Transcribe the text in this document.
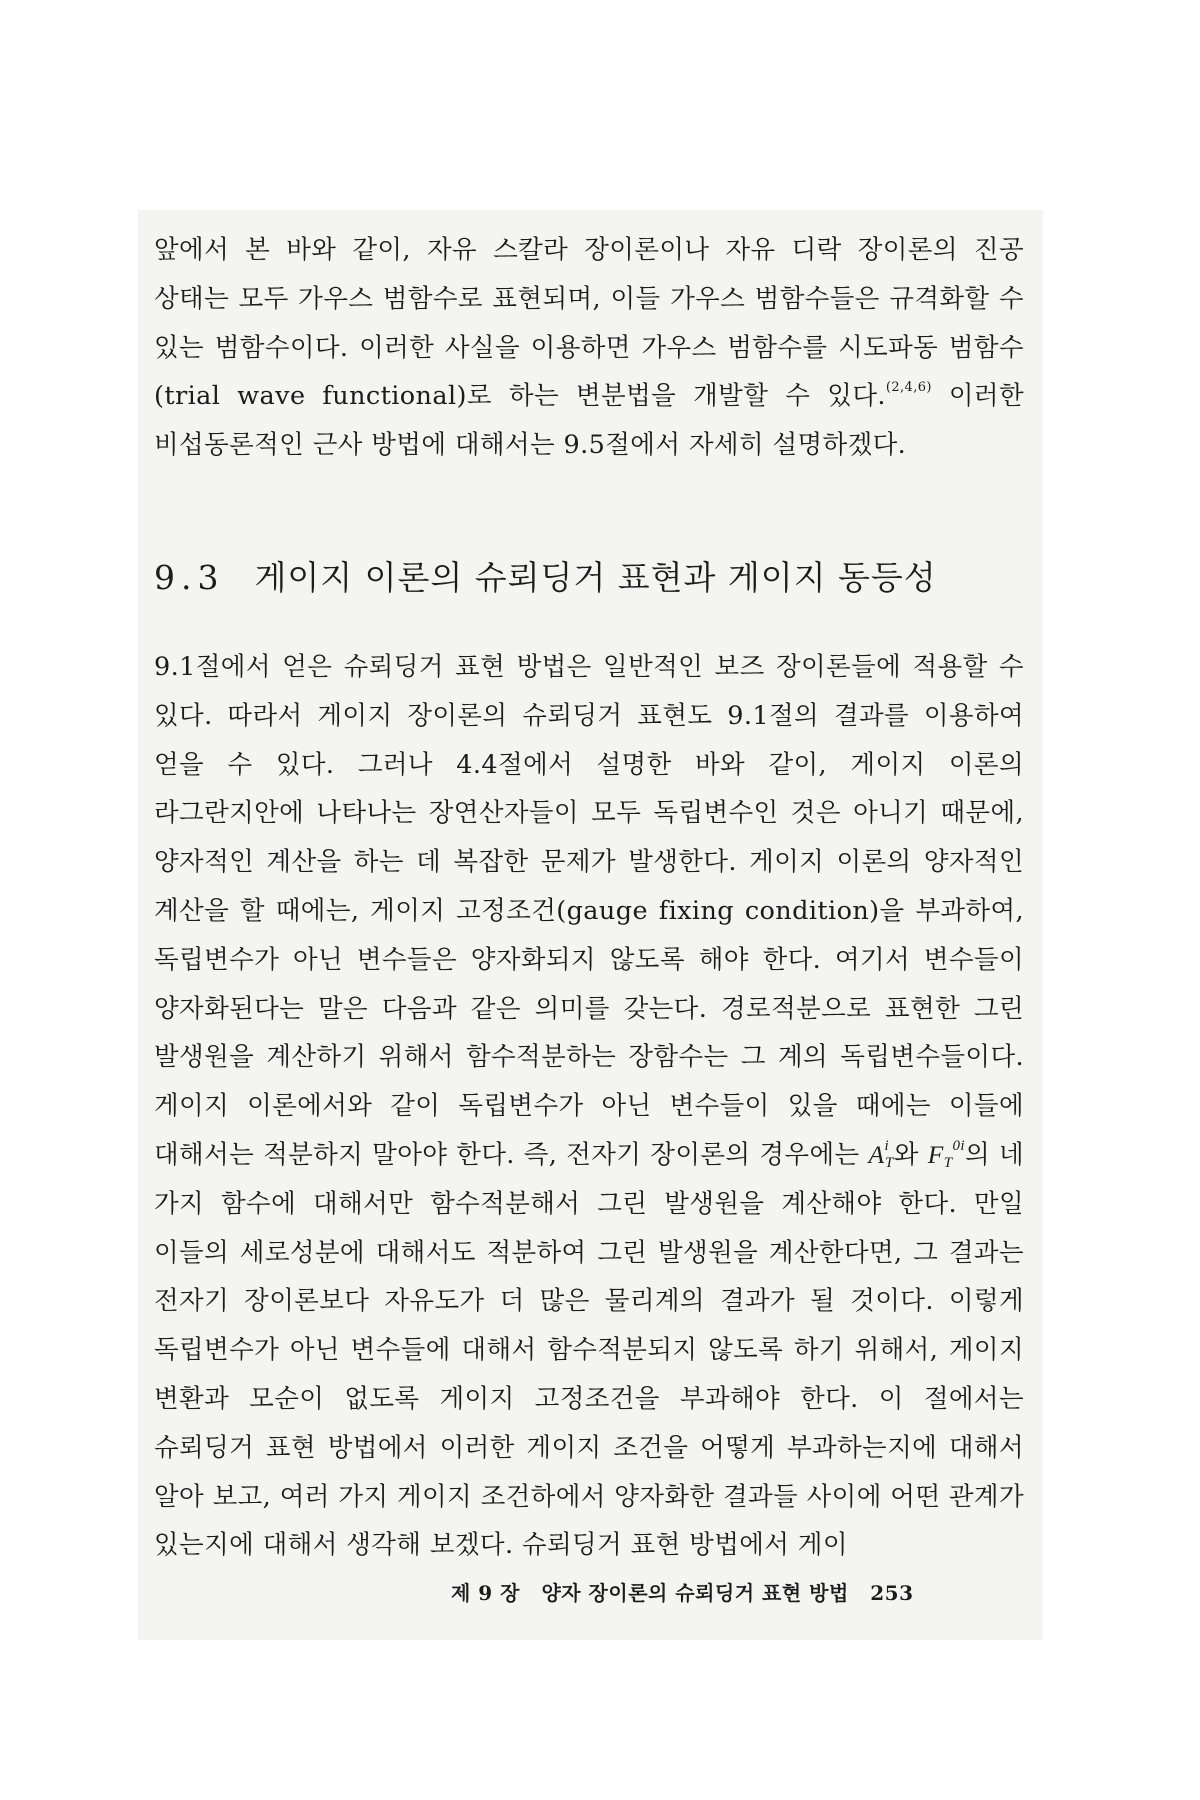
앞에서 본 바와 같이, 자유 스칼라 장이론이나 자유 디락 장이론의 진공 상태는 모두 가우스 범함수로 표현되며, 이들 가우스 범함수들은 규격화할 수 있는 범함수이다. 이러한 사실을 이용하면 가우스 범함수를 시도파동 범함수(trial wave functional)로 하는 변분법을 개발할 수 있다.$^{(2,4,6)}$ 이러한 비섭동론적인 근사 방법에 대해서는 9.5절에서 자세히 설명하겠다.

9.3 게이지 이론의 슈뢰딩거 표현과 게이지 동등성

9.1절에서 얻은 슈뢰딩거 표현 방법은 일반적인 보즈 장이론들에 적용할 수 있다. 따라서 게이지 장이론의 슈뢰딩거 표현도 9.1절의 결과를 이용하여 얻을 수 있다. 그러나 4.4절에서 설명한 바와 같이, 게이지 이론의 라그란지안에 나타나는 장연산자들이 모두 독립변수인 것은 아니기 때문에, 양자적인 계산을 하는 데 복잡한 문제가 발생한다. 게이지 이론의 양자적인 계산을 할 때에는, 게이지 고정조건(gauge fixing condition)을 부과하여, 독립변수가 아닌 변수들은 양자화되지 않도록 해야 한다. 여기서 변수들이 양자화된다는 말은 다음과 같은 의미를 갖는다. 경로적분으로 표현한 그린 발생원을 계산하기 위해서 함수적분하는 장함수는 그 계의 독립변수들이다. 게이지 이론에서와 같이 독립변수가 아닌 변수들이 있을 때에는 이들에 대해서는 적분하지 말아야 한다. 즉, 전자기 장이론의 경우에는 $A^i_T$와 $F_T^{0i}$의 네 가지 함수에 대해서만 함수적분해서 그린 발생원을 계산해야 한다. 만일 이들의 세로성분에 대해서도 적분하여 그린 발생원을 계산한다면, 그 결과는 전자기 장이론보다 자유도가 더 많은 물리계의 결과가 될 것이다. 이렇게 독립변수가 아닌 변수들에 대해서 함수적분되지 않도록 하기 위해서, 게이지 변환과 모순이 없도록 게이지 고정조건을 부과해야 한다. 이 절에서는 슈뢰딩거 표현 방법에서 이러한 게이지 조건을 어떻게 부과하는지에 대해서 알아 보고, 여러 가지 게이지 조건하에서 양자화한 결과들 사이에 어떤 관계가 있는지에 대해서 생각해 보겠다. 슈뢰딩거 표현 방법에서 게이

제 9 장 양자 장이론의 슈뢰딩거 표현 방법 253
